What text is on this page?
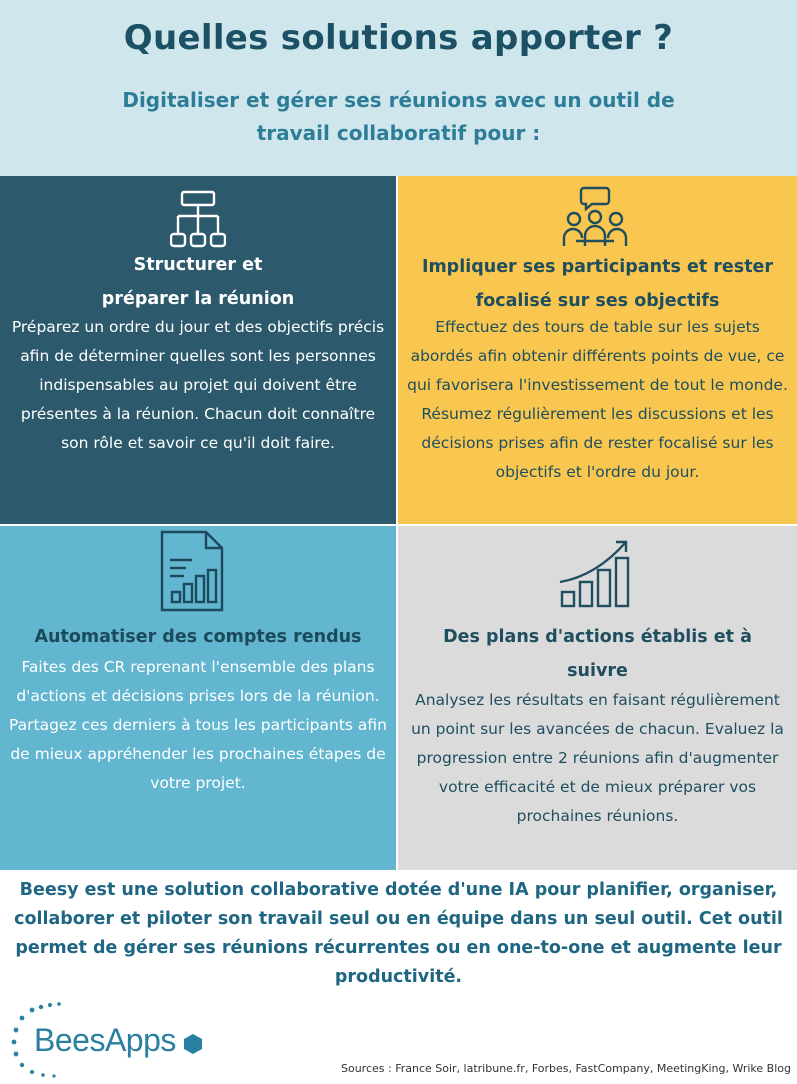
Quelles solutions apporter ?
Digitaliser et gérer ses réunions avec un outil de travail collaboratif pour :
Structurer et préparer la réunion
Préparez un ordre du jour et des objectifs précis afin de déterminer quelles sont les personnes indispensables au projet qui doivent être présentes à la réunion. Chacun doit connaître son rôle et savoir ce qu'il doit faire.
Impliquer ses participants et rester focalisé sur ses objectifs
Effectuez des tours de table sur les sujets abordés afin obtenir différents points de vue, ce qui favorisera l'investissement de tout le monde. Résumez régulièrement les discussions et les décisions prises afin de rester focalisé sur les objectifs et l'ordre du jour.
Automatiser des comptes rendus
Faites des CR reprenant l'ensemble des plans d'actions et décisions prises lors de la réunion. Partagez ces derniers à tous les participants afin de mieux appréhender les prochaines étapes de votre projet.
Des plans d'actions établis et à suivre
Analysez les résultats en faisant régulièrement un point sur les avancées de chacun. Evaluez la progression entre 2 réunions afin d'augmenter votre efficacité et de mieux préparer vos prochaines réunions.
Beesy est une solution collaborative dotée d'une IA pour planifier, organiser, collaborer et piloter son travail seul ou en équipe dans un seul outil. Cet outil permet de gérer ses réunions récurrentes ou en one-to-one et augmente leur productivité.
BeesApps
Sources : France Soir, latribune.fr, Forbes, FastCompany, MeetingKing, Wrike Blog
